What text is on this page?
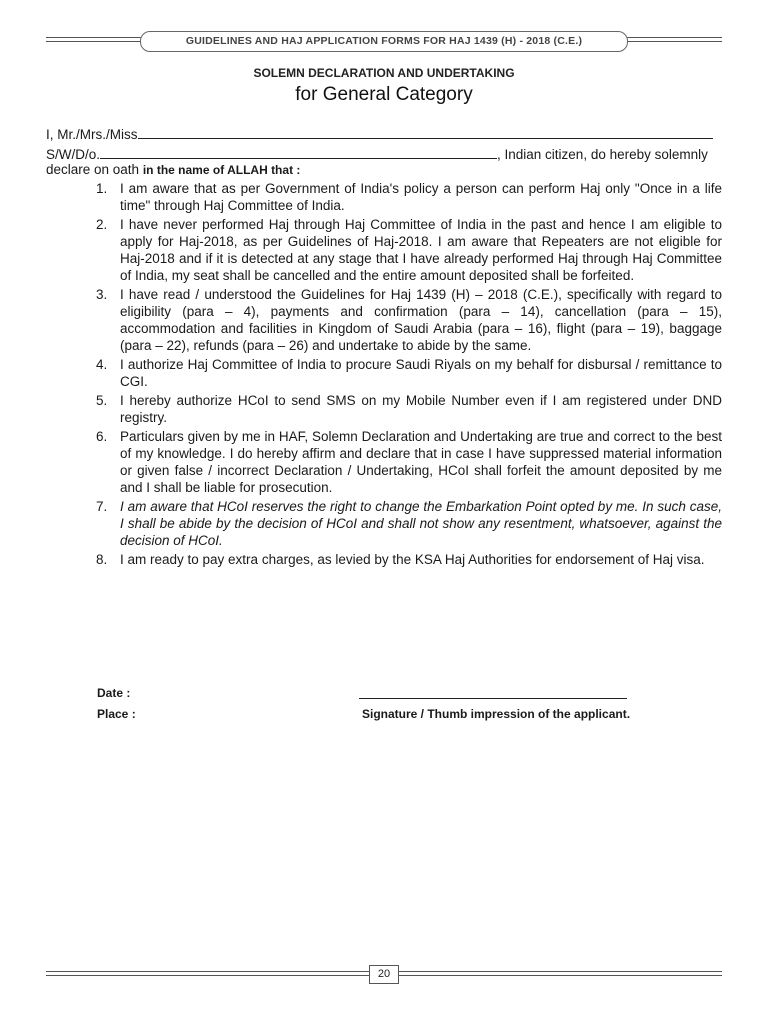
GUIDELINES AND HAJ APPLICATION FORMS FOR HAJ 1439 (H) - 2018 (C.E.)
SOLEMN DECLARATION AND UNDERTAKING
for General Category
I, Mr./Mrs./Miss
S/W/D/o.	, Indian citizen, do hereby solemnly
declare on oath in the name of ALLAH that :
1. I am aware that as per Government of India's policy a person can perform Haj only "Once in a life time" through Haj Committee of India.
2. I have never performed Haj through Haj Committee of India in the past and hence I am eligible to apply for Haj-2018, as per Guidelines of Haj-2018. I am aware that Repeaters are not eligible for Haj-2018 and if it is detected at any stage that I have already performed Haj through Haj Committee of India, my seat shall be cancelled and the entire amount deposited shall be forfeited.
3. I have read / understood the Guidelines for Haj 1439 (H) – 2018 (C.E.), specifically with regard to eligibility (para – 4), payments and confirmation (para – 14), cancellation (para – 15), accommodation and facilities in Kingdom of Saudi Arabia (para – 16), flight (para – 19), baggage (para – 22), refunds (para – 26) and undertake to abide by the same.
4. I authorize Haj Committee of India to procure Saudi Riyals on my behalf for disbursal / remittance to CGI.
5. I hereby authorize HCoI to send SMS on my Mobile Number even if I am registered under DND registry.
6. Particulars given by me in HAF, Solemn Declaration and Undertaking are true and correct to the best of my knowledge. I do hereby affirm and declare that in case I have suppressed material information or given false / incorrect Declaration / Undertaking, HCoI shall forfeit the amount deposited by me and I shall be liable for prosecution.
7. I am aware that HCoI reserves the right to change the Embarkation Point opted by me. In such case, I shall be abide by the decision of HCoI and shall not show any resentment, whatsoever, against the decision of HCoI.
8. I am ready to pay extra charges, as levied by the KSA Haj Authorities for endorsement of Haj visa.
Date :
Place :	Signature / Thumb impression of the applicant.
20
